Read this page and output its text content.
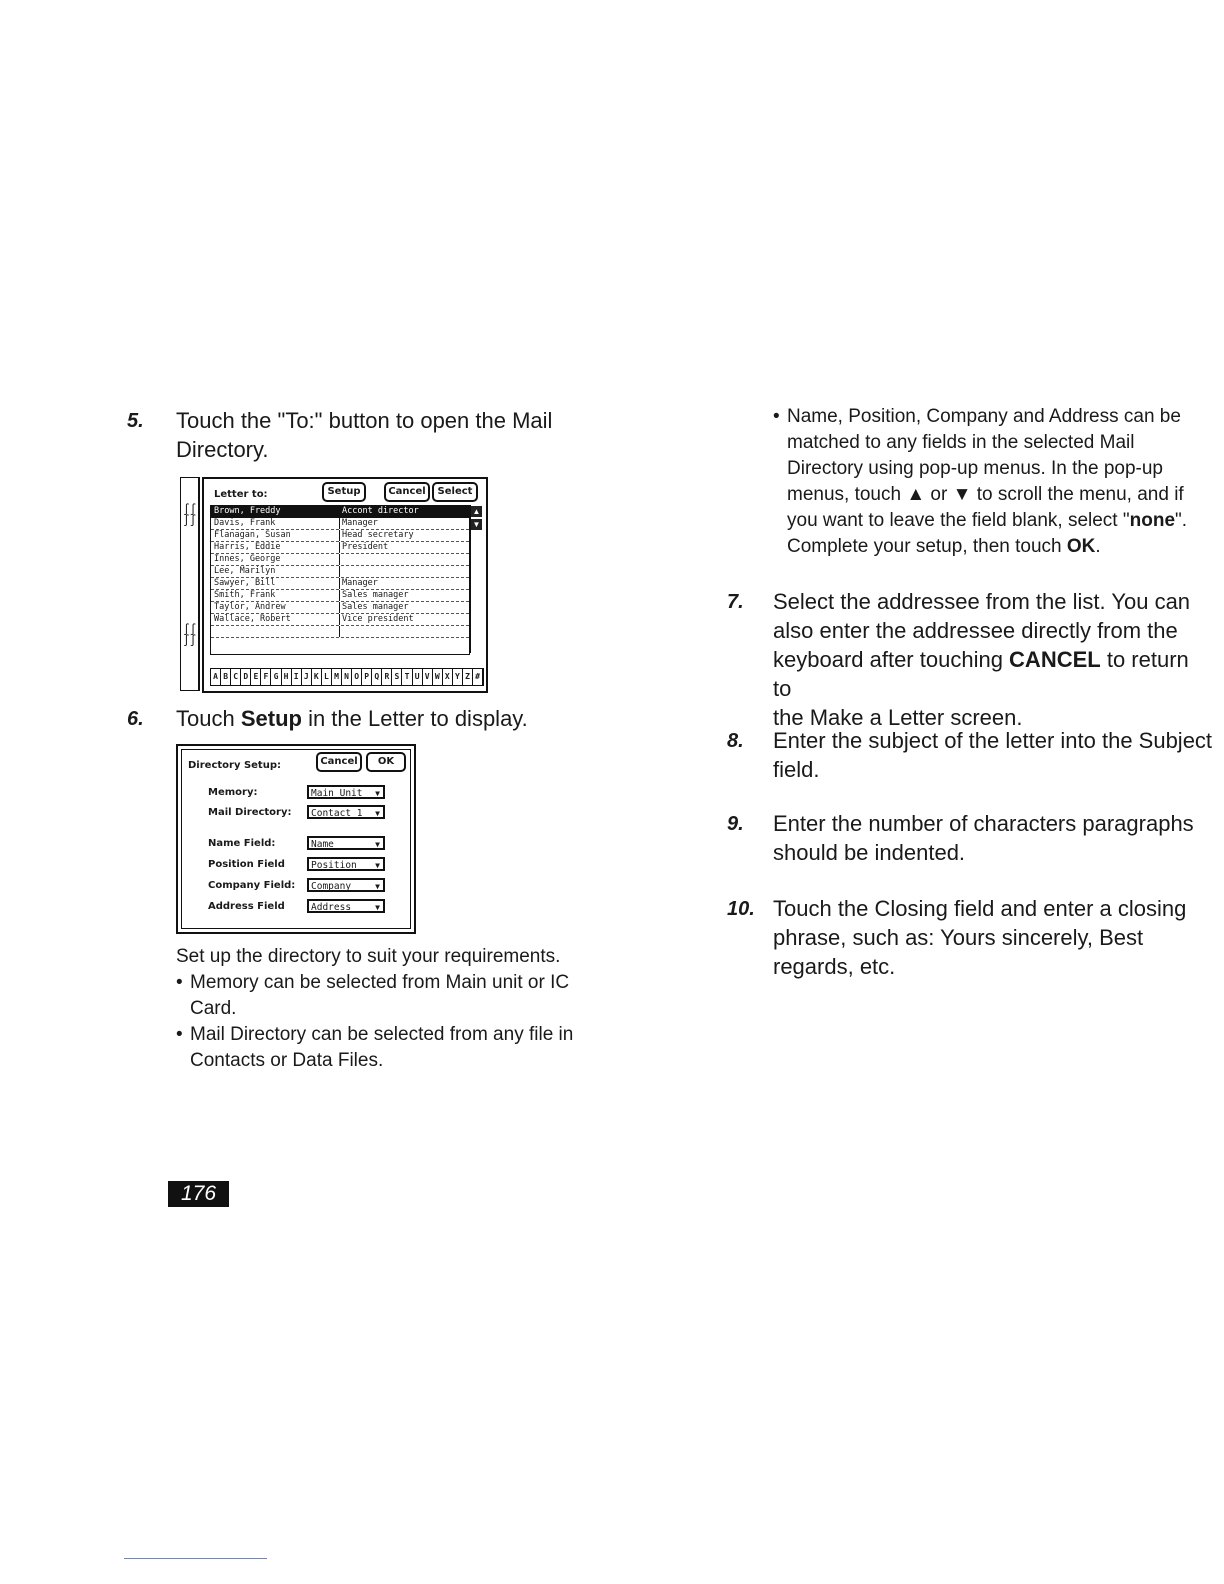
5. Touch the "To:" button to open the Mail
Directory.
∫∫
∫∫
∫∫
∫∫
Letter to:	Setup	Cancel	Select
Brown, Freddy	Accont director
Davis, Frank	Manager
Flanagan, Susan	Head secretary
Harris, Eddie	President
Innes, George
Lee, Marilyn
Sawyer, Bill	Manager
Smith, Frank	Sales manager
Taylor, Andrew	Sales manager
Wallace, Robert	Vice president
▲
▼
A B C D E F G H I J K L M N O P Q R S T U V W X Y Z #
6. Touch Setup in the Letter to display.
Directory Setup:	Cancel	OK
Memory:	Main Unit ▼
Mail Directory:	Contact 1 ▼
Name Field:	Name	▼
Position Field	Position ▼
Company Field:	Company	▼
Address Field	Address	▼
Set up the directory to suit your requirements.
• Memory can be selected from Main unit or IC
Card.
• Mail Directory can be selected from any file in
Contacts or Data Files.
• Name, Position, Company and Address can be
matched to any fields in the selected Mail
Directory using pop-up menus. In the pop-up
menus, touch ▲ or ▼ to scroll the menu, and if
you want to leave the field blank, select "none".
Complete your setup, then touch OK.
7. Select the addressee from the list. You can
also enter the addressee directly from the
keyboard after touching CANCEL to return to
the Make a Letter screen.
8. Enter the subject of the letter into the Subject
field.
9. Enter the number of characters paragraphs
should be indented.
10. Touch the Closing field and enter a closing
phrase, such as: Yours sincerely, Best
regards, etc.
176
